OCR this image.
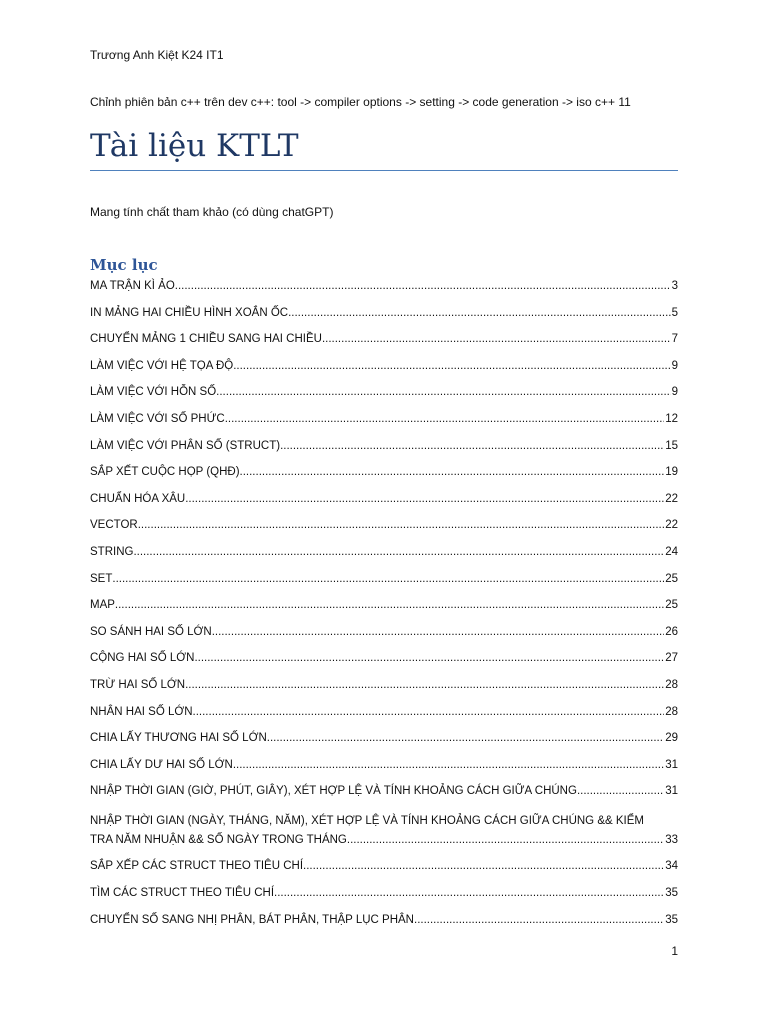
Trương Anh Kiệt K24 IT1
Chỉnh phiên bản c++ trên dev c++: tool -> compiler options -> setting -> code generation -> iso c++ 11
Tài liệu KTLT
Mang tính chất tham khảo (có dùng chatGPT)
Mục lục
MA TRẬN KÌ ẢO .....	3
IN MẢNG HAI CHIỀU HÌNH XOẮN ỐC .....	5
CHUYỂN MẢNG 1 CHIỀU SANG HAI CHIỀU .....	7
LÀM VIỆC VỚI HỆ TỌA ĐỘ .....	9
LÀM VIỆC VỚI HỖN SỐ .....	9
LÀM VIỆC VỚI SỐ PHỨC .....	12
LÀM VIỆC VỚI PHÂN SỐ (STRUCT) .....	15
SẮP XẾT CUỘC HỌP (QHĐ) .....	19
CHUẨN HÓA XÂU .....	22
VECTOR .....	22
STRING .....	24
SET .....	25
MAP .....	25
SO SÁNH HAI SỐ LỚN .....	26
CỘNG HAI SỐ LỚN .....	27
TRỪ HAI SỐ LỚN .....	28
NHÂN HAI SỐ LỚN .....	28
CHIA LẤY THƯƠNG HAI SỐ LỚN .....	29
CHIA LẤY DƯ HAI SỐ LỚN .....	31
NHẬP THỜI GIAN (GIỜ, PHÚT, GIÂY), XÉT HỢP LỆ VÀ TÍNH KHOẢNG CÁCH GIỮA CHÚNG .....	31
NHẬP THỜI GIAN (NGÀY, THÁNG, NĂM), XÉT HỢP LỆ VÀ TÍNH KHOẢNG CÁCH GIỮA CHÚNG && KIỂM
TRA NĂM NHUẬN && SỐ NGÀY TRONG THÁNG .....	33
SẮP XẾP CÁC STRUCT THEO TIÊU CHÍ .....	34
TÌM CÁC STRUCT THEO TIÊU CHÍ .....	35
CHUYỂN SỐ SANG NHỊ PHÂN, BÁT PHÂN, THẬP LỤC PHÂN .....	35
1
